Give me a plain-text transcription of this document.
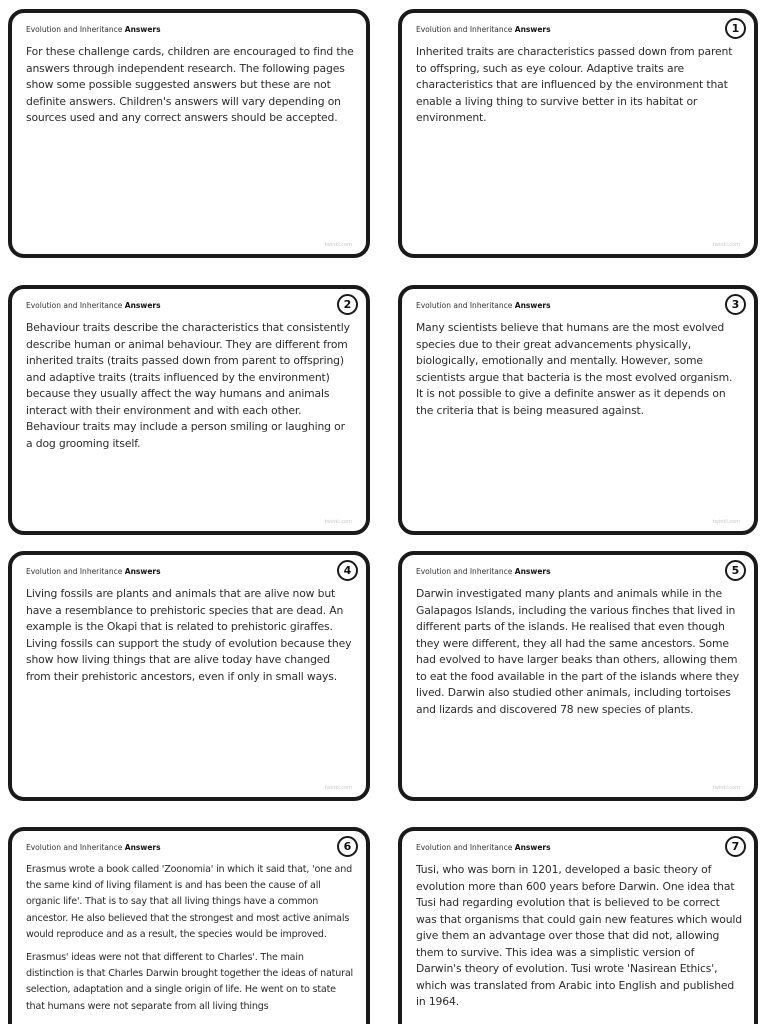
Evolution and Inheritance Answers

For these challenge cards, children are encouraged to find the answers through independent research. The following pages show some possible suggested answers but these are not definite answers. Children's answers will vary depending on sources used and any correct answers should be accepted.

twinkl.com
Evolution and Inheritance Answers	1

Inherited traits are characteristics passed down from parent to offspring, such as eye colour. Adaptive traits are characteristics that are influenced by the environment that enable a living thing to survive better in its habitat or environment.

twinkl.com
Evolution and Inheritance Answers	2

Behaviour traits describe the characteristics that consistently describe human or animal behaviour. They are different from inherited traits (traits passed down from parent to offspring) and adaptive traits (traits influenced by the environment) because they usually affect the way humans and animals interact with their environment and with each other. Behaviour traits may include a person smiling or laughing or a dog grooming itself.

twinkl.com
Evolution and Inheritance Answers	3

Many scientists believe that humans are the most evolved species due to their great advancements physically, biologically, emotionally and mentally. However, some scientists argue that bacteria is the most evolved organism. It is not possible to give a definite answer as it depends on the criteria that is being measured against.

twinkl.com
Evolution and Inheritance Answers	4

Living fossils are plants and animals that are alive now but have a resemblance to prehistoric species that are dead. An example is the Okapi that is related to prehistoric giraffes. Living fossils can support the study of evolution because they show how living things that are alive today have changed from their prehistoric ancestors, even if only in small ways.

twinkl.com
Evolution and Inheritance Answers	5

Darwin investigated many plants and animals while in the Galapagos Islands, including the various finches that lived in different parts of the islands. He realised that even though they were different, they all had the same ancestors. Some had evolved to have larger beaks than others, allowing them to eat the food available in the part of the islands where they lived. Darwin also studied other animals, including tortoises and lizards and discovered 78 new species of plants.

twinkl.com
Evolution and Inheritance Answers	6

Erasmus wrote a book called 'Zoonomia' in which it said that, 'one and the same kind of living filament is and has been the cause of all organic life'. That is to say that all living things have a common ancestor. He also believed that the strongest and most active animals would reproduce and as a result, the species would be improved.

Erasmus' ideas were not that different to Charles'. The main distinction is that Charles Darwin brought together the ideas of natural selection, adaptation and a single origin of life. He went on to state that humans were not separate from all living things

Evolution and Inheritance Answers	7

Tusi, who was born in 1201, developed a basic theory of evolution more than 600 years before Darwin. One idea that Tusi had regarding evolution that is believed to be correct was that organisms that could gain new features which would give them an advantage over those that did not, allowing them to survive. This idea was a simplistic version of Darwin's theory of evolution. Tusi wrote 'Nasirean Ethics', which was translated from Arabic into English and published in 1964.
